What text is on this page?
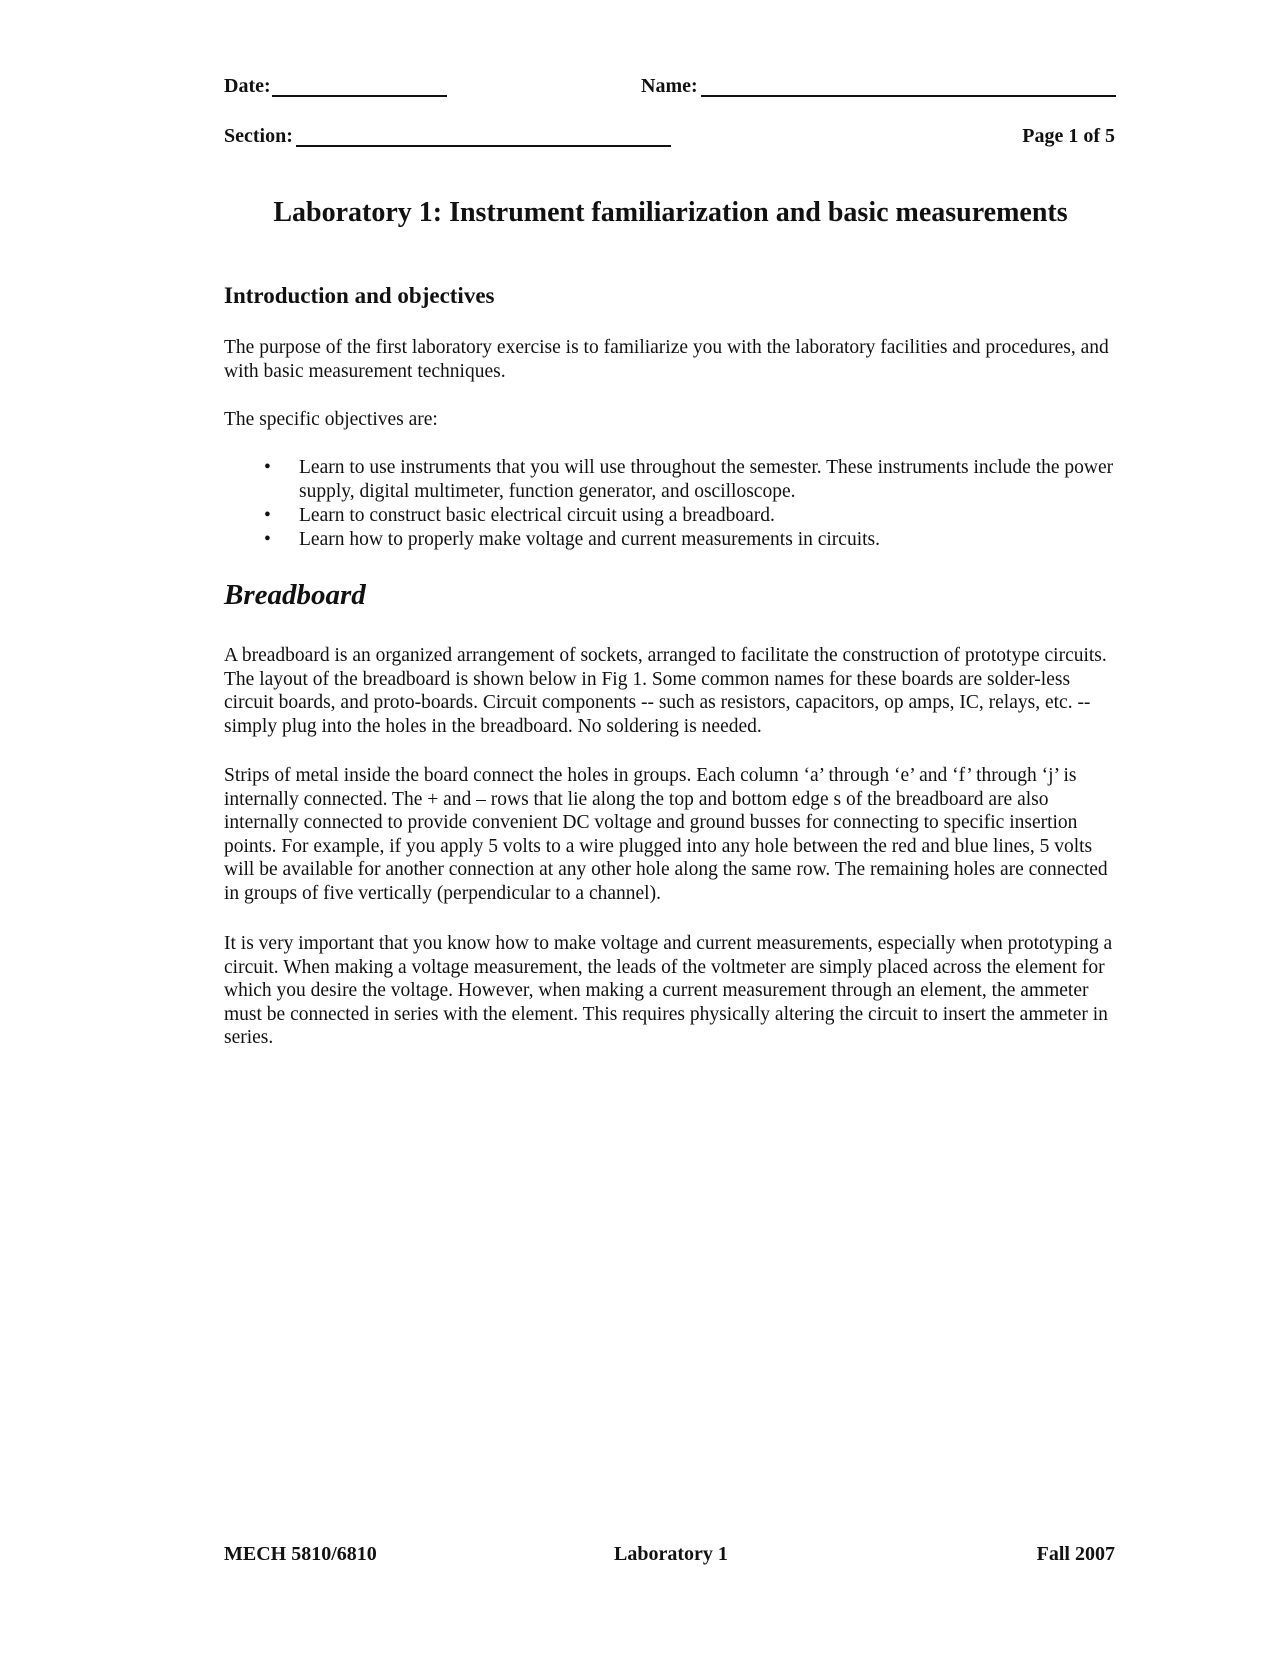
Date:	Name:
Section:	Page 1 of 5
Laboratory 1: Instrument familiarization and basic measurements
Introduction and objectives

The purpose of the first laboratory exercise is to familiarize you with the laboratory facilities and procedures, and with basic measurement techniques.

The specific objectives are:

• Learn to use instruments that you will use throughout the semester. These instruments include the power supply, digital multimeter, function generator, and oscilloscope.
• Learn to construct basic electrical circuit using a breadboard.
• Learn how to properly make voltage and current measurements in circuits.
Breadboard

A breadboard is an organized arrangement of sockets, arranged to facilitate the construction of prototype circuits. The layout of the breadboard is shown below in Fig 1. Some common names for these boards are solder-less circuit boards, and proto-boards. Circuit components -- such as resistors, capacitors, op amps, IC, relays, etc. -- simply plug into the holes in the breadboard. No soldering is needed.

Strips of metal inside the board connect the holes in groups. Each column ‘a’ through ‘e’ and ‘f’ through ‘j’ is internally connected. The + and – rows that lie along the top and bottom edge s of the breadboard are also internally connected to provide convenient DC voltage and ground busses for connecting to specific insertion points. For example, if you apply 5 volts to a wire plugged into any hole between the red and blue lines, 5 volts will be available for another connection at any other hole along the same row. The remaining holes are connected in groups of five vertically (perpendicular to a channel).

It is very important that you know how to make voltage and current measurements, especially when prototyping a circuit. When making a voltage measurement, the leads of the voltmeter are simply placed across the element for which you desire the voltage. However, when making a current measurement through an element, the ammeter must be connected in series with the element. This requires physically altering the circuit to insert the ammeter in series.

MECH 5810/6810	Laboratory 1	Fall 2007
